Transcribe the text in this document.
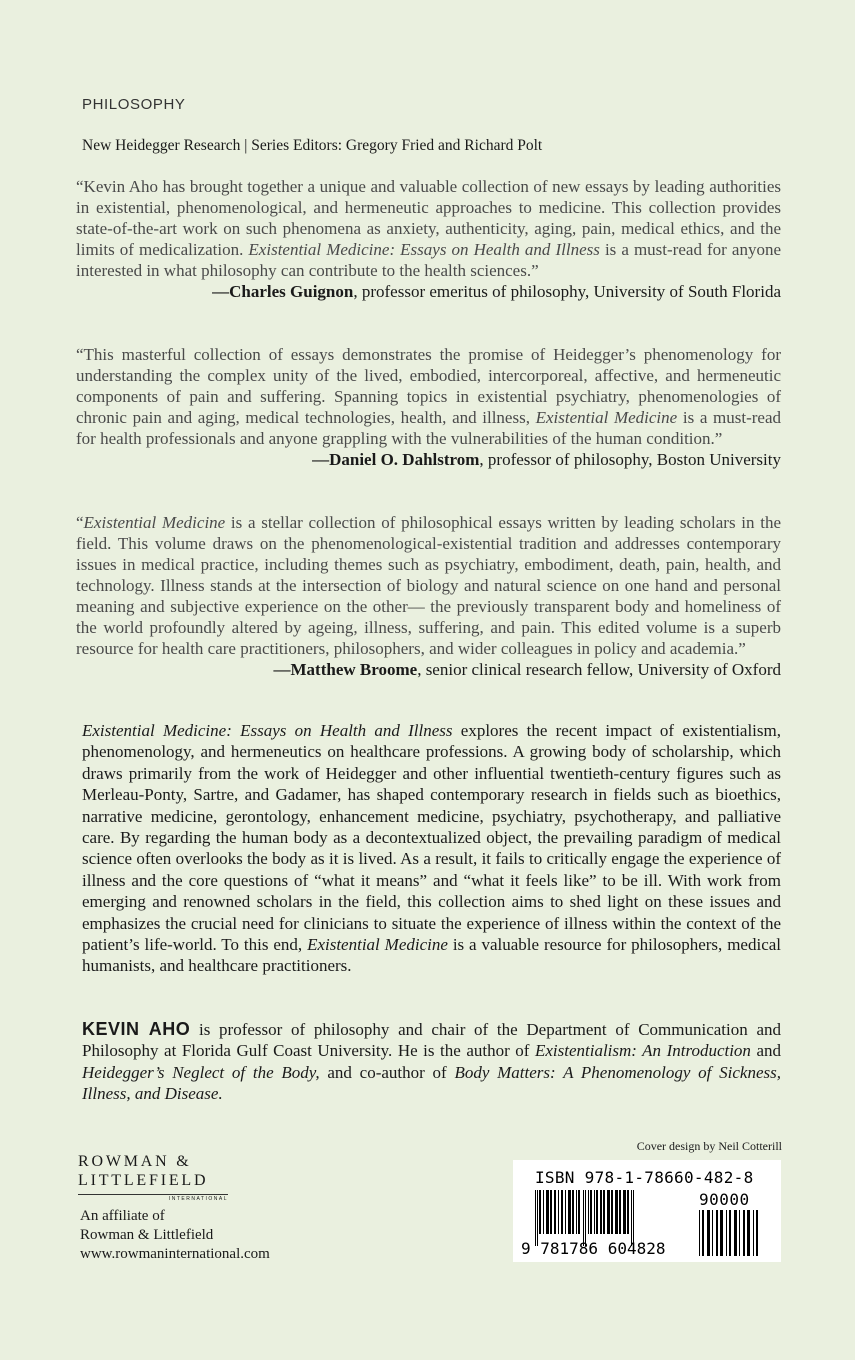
PHILOSOPHY
New Heidegger Research | Series Editors: Gregory Fried and Richard Polt
“Kevin Aho has brought together a unique and valuable collection of new essays by leading authorities in existential, phenomenological, and hermeneutic approaches to medicine. This collection provides state-of-the-art work on such phenomena as anxiety, authenticity, aging, pain, medical ethics, and the limits of medicalization. Existential Medicine: Essays on Health and Illness is a must-read for anyone interested in what philosophy can contribute to the health sciences.”
—Charles Guignon, professor emeritus of philosophy, University of South Florida
“This masterful collection of essays demonstrates the promise of Heidegger’s phenomenology for understanding the complex unity of the lived, embodied, intercorporeal, affective, and hermeneutic components of pain and suffering. Spanning topics in existential psychiatry, phenomenologies of chronic pain and aging, medical technologies, health, and illness, Existential Medicine is a must-read for health professionals and anyone grappling with the vulnerabilities of the human condition.”
—Daniel O. Dahlstrom, professor of philosophy, Boston University
“Existential Medicine is a stellar collection of philosophical essays written by leading scholars in the field. This volume draws on the phenomenological-existential tradition and addresses contemporary issues in medical practice, including themes such as psychiatry, embodiment, death, pain, health, and technology. Illness stands at the intersection of biology and natural science on one hand and personal meaning and subjective experience on the other— the previously transparent body and homeliness of the world profoundly altered by ageing, illness, suffering, and pain. This edited volume is a superb resource for health care practitioners, philosophers, and wider colleagues in policy and academia.”
—Matthew Broome, senior clinical research fellow, University of Oxford
Existential Medicine: Essays on Health and Illness explores the recent impact of existentialism, phenomenology, and hermeneutics on healthcare professions. A growing body of scholarship, which draws primarily from the work of Heidegger and other influential twentieth-century figures such as Merleau-Ponty, Sartre, and Gadamer, has shaped contemporary research in fields such as bioethics, narrative medicine, gerontology, enhancement medicine, psychiatry, psychotherapy, and palliative care. By regarding the human body as a decontextualized object, the prevailing paradigm of medical science often overlooks the body as it is lived. As a result, it fails to critically engage the experience of illness and the core questions of “what it means” and “what it feels like” to be ill. With work from emerging and renowned scholars in the field, this collection aims to shed light on these issues and emphasizes the crucial need for clinicians to situate the experience of illness within the context of the patient’s life-world. To this end, Existential Medicine is a valuable resource for philosophers, medical humanists, and healthcare practitioners.
KEVIN AHO is professor of philosophy and chair of the Department of Communication and Philosophy at Florida Gulf Coast University. He is the author of Existentialism: An Introduction and Heidegger’s Neglect of the Body, and co-author of Body Matters: A Phenomenology of Sickness, Illness, and Disease.
ROWMAN &
LITTLEFIELD
INTERNATIONAL
An affiliate of
Rowman & Littlefield
www.rowmaninternational.com
Cover design by Neil Cotterill
ISBN 978-1-78660-482-8
90000
9 781786 604828
